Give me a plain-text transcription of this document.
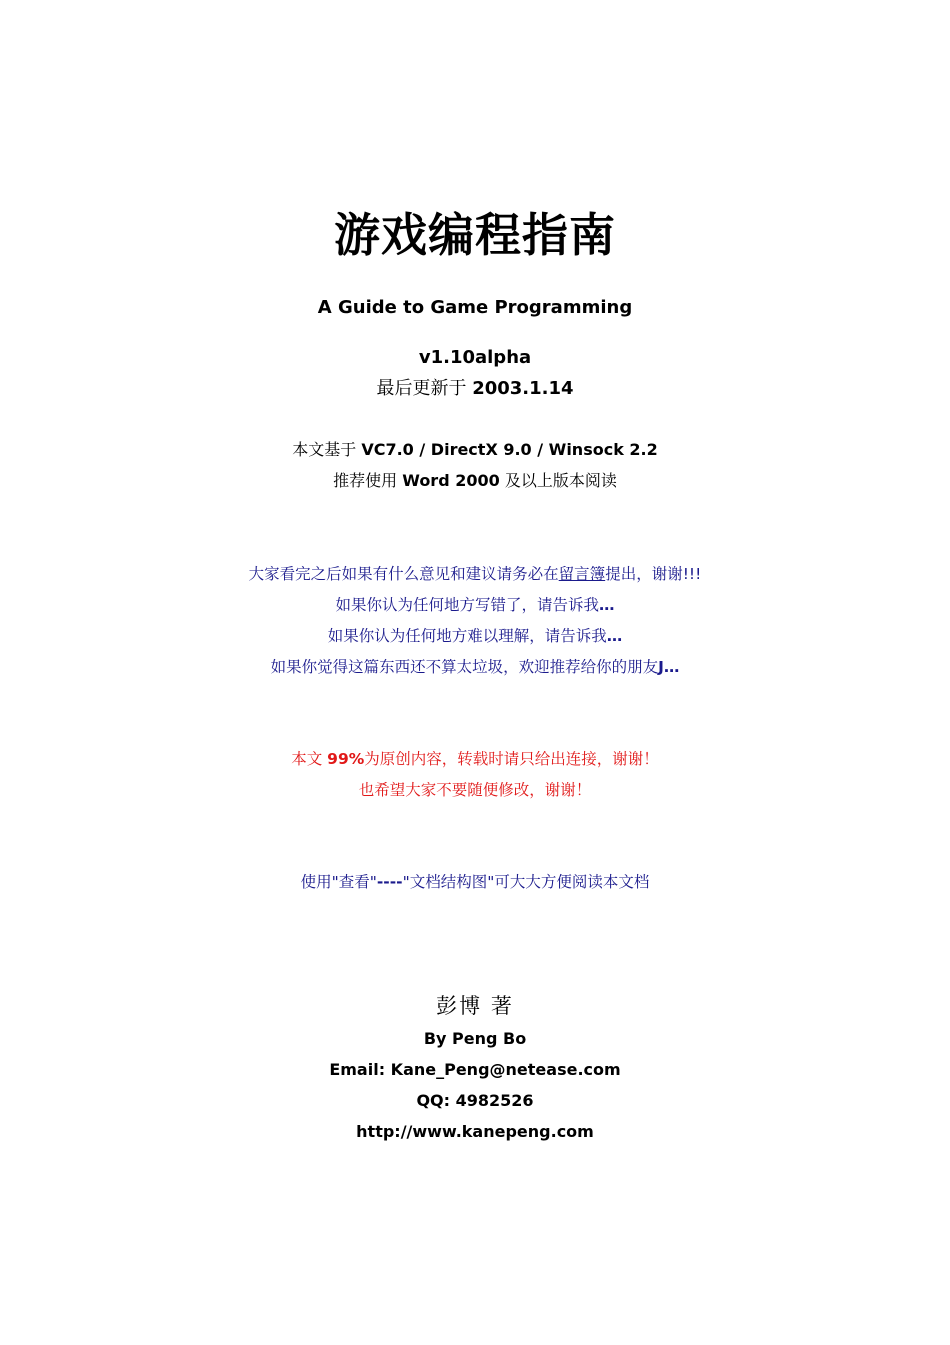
游戏编程指南
A Guide to Game Programming
v1.10alpha
最后更新于 2003.1.14
本文基于 VC7.0 / DirectX 9.0 / Winsock 2.2
推荐使用 Word 2000 及以上版本阅读
大家看完之后如果有什么意见和建议请务必在留言簿提出，谢谢!!!
如果你认为任何地方写错了，请告诉我…
如果你认为任何地方难以理解，请告诉我…
如果你觉得这篇东西还不算太垃圾，欢迎推荐给你的朋友J…
本文 99%为原创内容，转载时请只给出连接，谢谢！
也希望大家不要随便修改，谢谢！
使用"查看"----"文档结构图"可大大方便阅读本文档
彭博 著
By Peng Bo
Email: Kane_Peng@netease.com
QQ: 4982526
http://www.kanepeng.com
